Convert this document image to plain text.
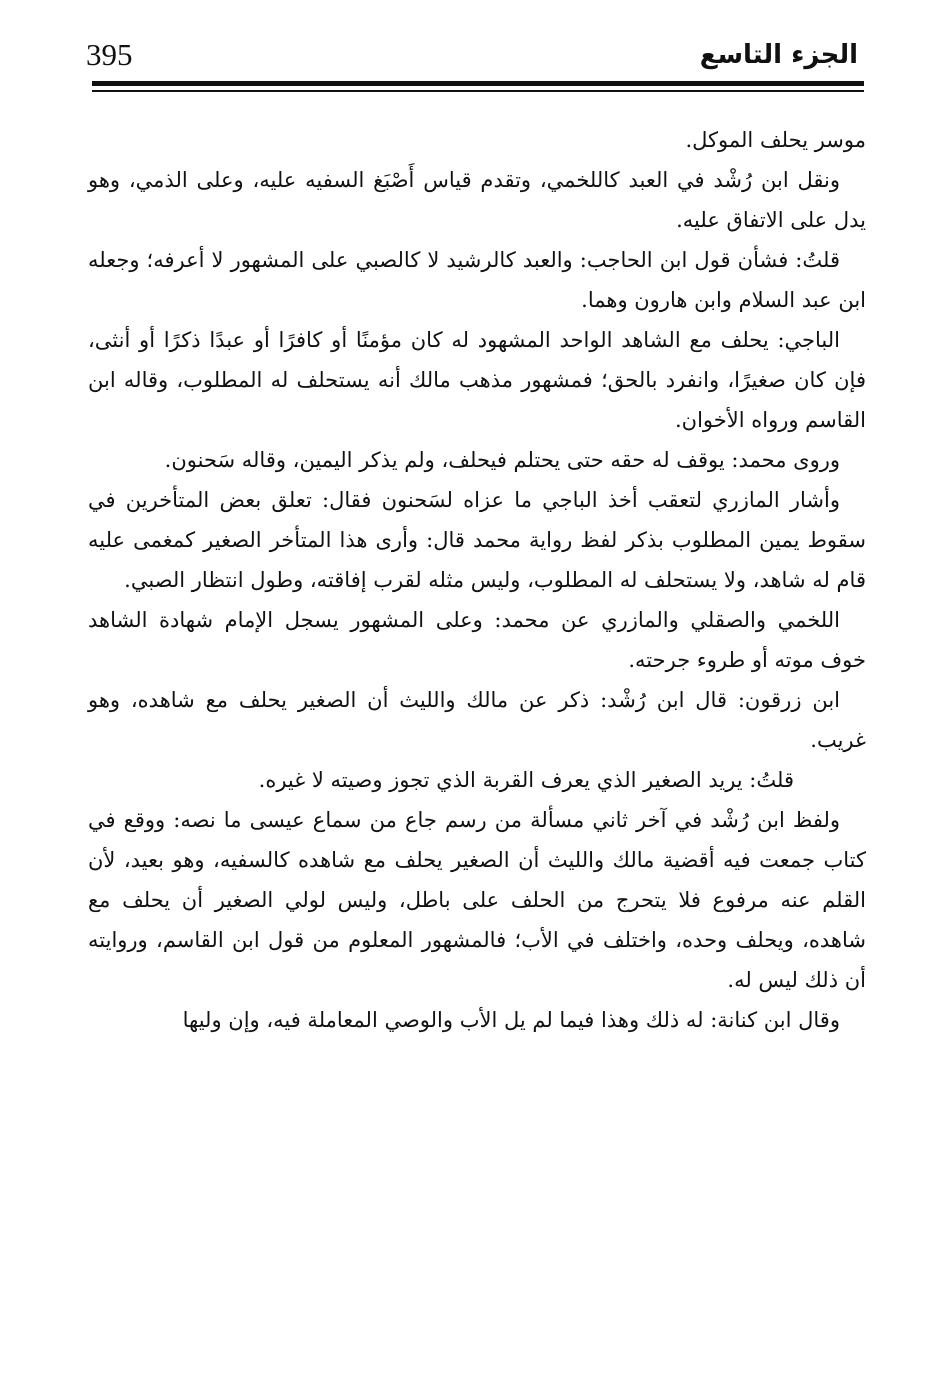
395	الجزء التاسع

موسر يحلف الموكل.

ونقل ابن رُشْد في العبد كاللخمي، وتقدم قياس أَصْبَغ السفيه عليه، وعلى الذمي، وهو يدل على الاتفاق عليه.

قلتُ: فشأن قول ابن الحاجب: والعبد كالرشيد لا كالصبي على المشهور لا أعرفه؛ وجعله ابن عبد السلام وابن هارون وهما.

الباجي: يحلف مع الشاهد الواحد المشهود له كان مؤمنًا أو كافرًا أو عبدًا ذكرًا أو أنثى، فإن كان صغيرًا، وانفرد بالحق؛ فمشهور مذهب مالك أنه يستحلف له المطلوب، وقاله ابن القاسم ورواه الأخوان.

وروى محمد: يوقف له حقه حتى يحتلم فيحلف، ولم يذكر اليمين، وقاله سَحنون.

وأشار المازري لتعقب أخذ الباجي ما عزاه لسَحنون فقال: تعلق بعض المتأخرين في سقوط يمين المطلوب بذكر لفظ رواية محمد قال: وأرى هذا المتأخر الصغير كمغمى عليه قام له شاهد، ولا يستحلف له المطلوب، وليس مثله لقرب إفاقته، وطول انتظار الصبي.

اللخمي والصقلي والمازري عن محمد: وعلى المشهور يسجل الإمام شهادة الشاهد خوف موته أو طروء جرحته.

ابن زرقون: قال ابن رُشْد: ذكر عن مالك والليث أن الصغير يحلف مع شاهده، وهو غريب.

قلتُ: يريد الصغير الذي يعرف القربة الذي تجوز وصيته لا غيره.

ولفظ ابن رُشْد في آخر ثاني مسألة من رسم جاع من سماع عيسى ما نصه: ووقع في كتاب جمعت فيه أقضية مالك والليث أن الصغير يحلف مع شاهده كالسفيه، وهو بعيد، لأن القلم عنه مرفوع فلا يتحرج من الحلف على باطل، وليس لولي الصغير أن يحلف مع شاهده، ويحلف وحده، واختلف في الأب؛ فالمشهور المعلوم من قول ابن القاسم، وروايته أن ذلك ليس له.

وقال ابن كنانة: له ذلك وهذا فيما لم يل الأب والوصي المعاملة فيه، وإن وليها
